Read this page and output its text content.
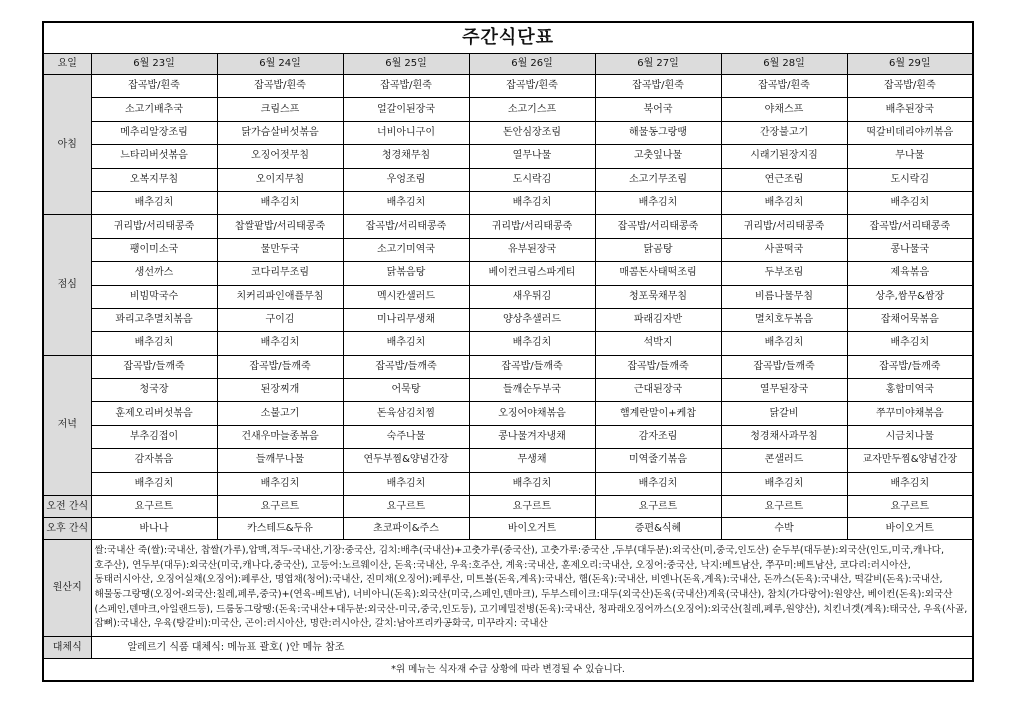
주간식단표							
요일	6월 23일	6월 24일	6월 25일	6월 26일	6월 27일	6월 28일	6월 29일
아침	잡곡밥/흰죽	잡곡밥/흰죽	잡곡밥/흰죽	잡곡밥/흰죽	잡곡밥/흰죽	잡곡밥/흰죽	잡곡밥/흰죽
	소고기배추국	크림스프	얼갈이된장국	소고기스프	북어국	야채스프	배추된장국
	메추리알장조림	닭가슴살버섯볶음	너비아니구이	돈안심장조림	해물동그랑땡	간장불고기	떡갈비데리야끼볶음
	느타리버섯볶음	오징어젓무침	청경채무침	열무나물	고춧잎나물	시래기된장지짐	무나물
	오복지무침	오이지무침	우엉조림	도시락김	소고기무조림	연근조림	도시락김
	배추김치	배추김치	배추김치	배추김치	배추김치	배추김치	배추김치
점심	귀리밥/서리태콩죽	찹쌀팥밥/서리태콩죽	잡곡밥/서리태콩죽	귀리밥/서리태콩죽	잡곡밥/서리태콩죽	귀리밥/서리태콩죽	잡곡밥/서리태콩죽
	팽이미소국	물만두국	소고기미역국	유부된장국	닭곰탕	사골떡국	콩나물국
	생선까스	코다리무조림	닭볶음탕	베이컨크림스파게티	매콤돈사태떡조림	두부조림	제육볶음
	비빔막국수	치커리파인애플무침	멕시칸샐러드	새우튀김	청포묵채무침	비름나물무침	상추,쌈무&쌈장
	꽈리고추멸치볶음	구이김	미나리무생채	양상추샐러드	파래김자반	멸치호두볶음	잡채어묵볶음
	배추김치	배추김치	배추김치	배추김치	석박지	배추김치	배추김치
저녁	잡곡밥/들깨죽	잡곡밥/들깨죽	잡곡밥/들깨죽	잡곡밥/들깨죽	잡곡밥/들깨죽	잡곡밥/들깨죽	잡곡밥/들깨죽
	청국장	된장찌개	어묵탕	들깨순두부국	근대된장국	열무된장국	홍합미역국
	훈제오리버섯볶음	소불고기	돈육삼김치찜	오징어야채볶음	햄계란말이+케찹	닭갈비	쭈꾸미야채볶음
	부추김접이	건새우마늘종볶음	숙주나물	콩나물겨자냉채	감자조림	청경채사과무침	시금치나물
	감자볶음	들깨무나물	연두부찜&양념간장	무생채	미역줄기볶음	콘샐러드	교자만두찜&양념간장
	배추김치	배추김치	배추김치	배추김치	배추김치	배추김치	배추김치
오전 간식	요구르트	요구르트	요구르트	요구르트	요구르트	요구르트	요구르트
오후 간식	바나나	카스테드&두유	초코파이&주스	바이오거트	증편&식혜	수박	바이오거트
원산지	쌀:국내산 죽(쌀):국내산, 찹쌀(가루),압맥,적두-국내산,기장:중국산, 김치:배추(국내산)+고춧가루(중국산), 고춧가루:중국산 ,두부(대두분):외국산(미,중국,인도산) 순두부(대두분):외국산(인도,미국,캐나다,호주산), 연두부(대두):외국산(미국,캐나다,중국산), 고등어:노르웨이산, 돈육:국내산, 우육:호주산, 계육:국내산, 훈제오리:국내산, 오징어:중국산, 낙지:베트남산, 쭈꾸미:베트남산, 코다리:러시아산, 동태러시아산, 오징어실채(오징어):페루산, 명엽채(청어):국내산, 진미채(오징어):페루산, 미트볼(돈육,계육):국내산, 햄(돈육):국내산, 비엔나(돈육,계육):국내산, 돈까스(돈육):국내산, 떡갈비(돈육):국내산, 해물동그랑땡(오징어-외국산:칠레,페루,중국)+(연육-베트남), 너비아니(돈육):외국산(미국,스페인,덴마크), 두부스테이크:대두(외국산)돈육(국내산)계육(국내산), 참치(가다랑어):원양산, 베이컨(돈육):외국산(스페인,덴마크,아일랜드등), 드룸동그랑땡:(돈육:국내산+대두분:외국산-미국,중국,인도등), 고기메밀전병(돈육):국내산, 청파래오징어까스(오징어):외국산(칠레,페루,원양산), 치킨너겟(계육):태국산, 우육(사골,잡뼈):국내산, 우육(탕갈비):미국산, 곤이:러시아산, 명란:러시아산, 갈치:남아프리카공화국, 미꾸라지: 국내산						
대체식	알레르기 식품 대체식: 메뉴표 괄호( )안 메뉴 참조						
*위 메뉴는 식자재 수급 상황에 따라 변경될 수 있습니다.							
